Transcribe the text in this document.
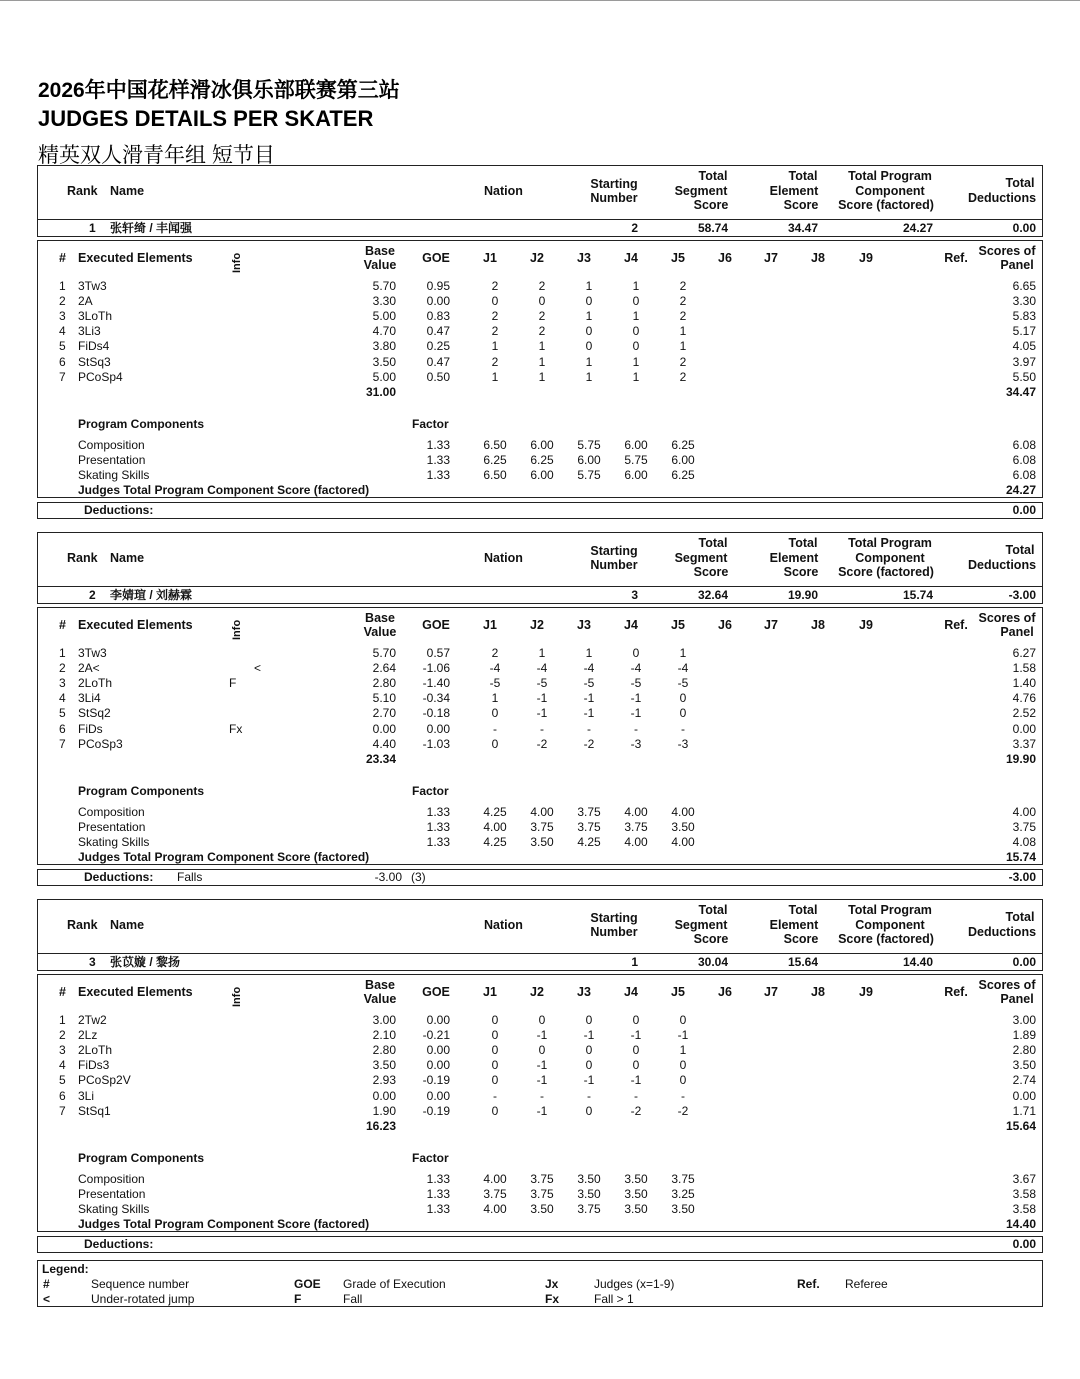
2026年中国花样滑冰俱乐部联赛第三站
JUDGES DETAILS PER SKATER
精英双人滑青年组 短节目
Rank Name	Nation	Starting
Number
Total
Segment
Score
Total
Element
Score
Total Program
Component
Score (factored)
Total
Deductions
1 张轩绮 / 丰闻强	2	58.74	34.47	24.27	0.00
# Executed Elements	Info
Base
Value	GOE	J1	J2	J3	J4	J5	J6	J7	J8	J9	Ref. Scores of
Panel
1 3Tw3	5.70	0.95	2	2	1	1	2	6.65
2 2A	3.30	0.00	0	0	0	0	2	3.30
3 3LoTh	5.00	0.83	2	2	1	1	2	5.83
4 3Li3	4.70	0.47	2	2	0	0	1	5.17
5 FiDs4	3.80	0.25	1	1	0	0	1	4.05
6 StSq3	3.50	0.47	2	1	1	1	2	3.97
7 PCoSp4	5.00	0.50	1	1	1	1	2	5.50
31.00	34.47
Program Components	Factor
Composition	1.33	6.50	6.00	5.75	6.00	6.25	6.08
Presentation	1.33	6.25	6.25	6.00	5.75	6.00	6.08
Skating Skills	1.33	6.50	6.00	5.75	6.00	6.25	6.08
Judges Total Program Component Score (factored)	24.27
Deductions:	0.00
Rank Name	Nation	Starting
Number
Total
Segment
Score
Total
Element
Score
Total Program
Component
Score (factored)
Total
Deductions
2 李婧瑄 / 刘赫霖	3	32.64	19.90	15.74	-3.00
# Executed Elements	Info
Base
Value	GOE	J1	J2	J3	J4	J5	J6	J7	J8	J9	Ref. Scores of
Panel
1 3Tw3	5.70	0.57	2	1	1	0	1	6.27
2 2A<	<	2.64	-1.06	-4	-4	-4	-4	-4	1.58
3 2LoTh	F	2.80	-1.40	-5	-5	-5	-5	-5	1.40
4 3Li4	5.10	-0.34	1	-1	-1	-1	0	4.76
5 StSq2	2.70	-0.18	0	-1	-1	-1	0	2.52
6 FiDs	Fx	0.00	0.00	-	-	-	-	-	0.00
7 PCoSp3	4.40	-1.03	0	-2	-2	-3	-3	3.37
23.34	19.90
Program Components	Factor
Composition	1.33	4.25	4.00	3.75	4.00	4.00	4.00
Presentation	1.33	4.00	3.75	3.75	3.75	3.50	3.75
Skating Skills	1.33	4.25	3.50	4.25	4.00	4.00	4.08
Judges Total Program Component Score (factored)	15.74
Deductions: Falls	-3.00 (3)	-3.00
Rank Name	Nation	Starting
Number
Total
Segment
Score
Total
Element
Score
Total Program
Component
Score (factored)
Total
Deductions
3 张苡嫙 / 黎扬	1	30.04	15.64	14.40	0.00
# Executed Elements	Info
Base
Value	GOE	J1	J2	J3	J4	J5	J6	J7	J8	J9	Ref. Scores of
Panel
1 2Tw2	3.00	0.00	0	0	0	0	0	3.00
2 2Lz	2.10	-0.21	0	-1	-1	-1	-1	1.89
3 2LoTh	2.80	0.00	0	0	0	0	1	2.80
4 FiDs3	3.50	0.00	0	-1	0	0	0	3.50
5 PCoSp2V	2.93	-0.19	0	-1	-1	-1	0	2.74
6 3Li	0.00	0.00	-	-	-	-	-	0.00
7 StSq1	1.90	-0.19	0	-1	0	-2	-2	1.71
16.23	15.64
Program Components	Factor
Composition	1.33	4.00	3.75	3.50	3.50	3.75	3.67
Presentation	1.33	3.75	3.75	3.50	3.50	3.25	3.58
Skating Skills	1.33	4.00	3.50	3.75	3.50	3.50	3.58
Judges Total Program Component Score (factored)	14.40
Deductions:	0.00
Legend:
#	Sequence number	GOE Grade of Execution	Jx	Judges (x=1-9)	Ref. Referee
<	Under-rotated jump	F	Fall	Fx	Fall > 1
